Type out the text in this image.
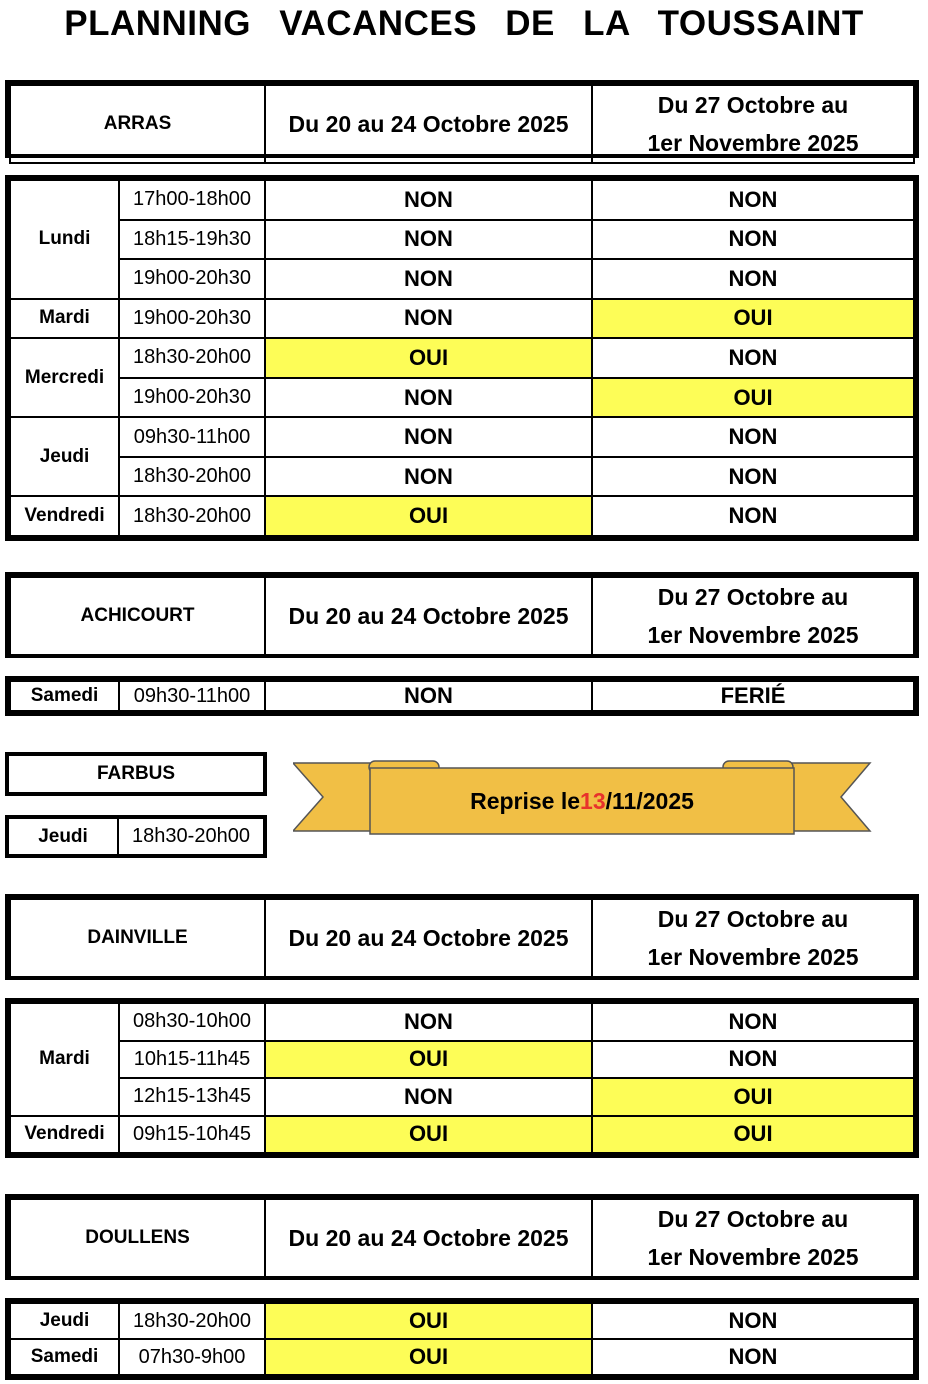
PLANNING VACANCES DE LA TOUSSAINT
ARRAS	Du 20 au 24 Octobre 2025	Du 27 Octobre au
1er Novembre 2025
Lundi	17h00-18h00	NON	NON
	18h15-19h30	NON	NON
	19h00-20h30	NON	NON
Mardi	19h00-20h30	NON	OUI
Mercredi	18h30-20h00	OUI	NON
	19h00-20h30	NON	OUI
Jeudi	09h30-11h00	NON	NON
	18h30-20h00	NON	NON
Vendredi	18h30-20h00	OUI	NON
ACHICOURT	Du 20 au 24 Octobre 2025	Du 27 Octobre au
1er Novembre 2025
Samedi	09h30-11h00	NON	FERIÉ
FARBUS
Jeudi	18h30-20h00
Reprise le 13 /11/2025
DAINVILLE	Du 20 au 24 Octobre 2025	Du 27 Octobre au
1er Novembre 2025
Mardi	08h30-10h00	NON	NON
	10h15-11h45	OUI	NON
	12h15-13h45	NON	OUI
Vendredi	09h15-10h45	OUI	OUI
DOULLENS	Du 20 au 24 Octobre 2025	Du 27 Octobre au
1er Novembre 2025
Jeudi	18h30-20h00	OUI	NON
Samedi	07h30-9h00	OUI	NON
